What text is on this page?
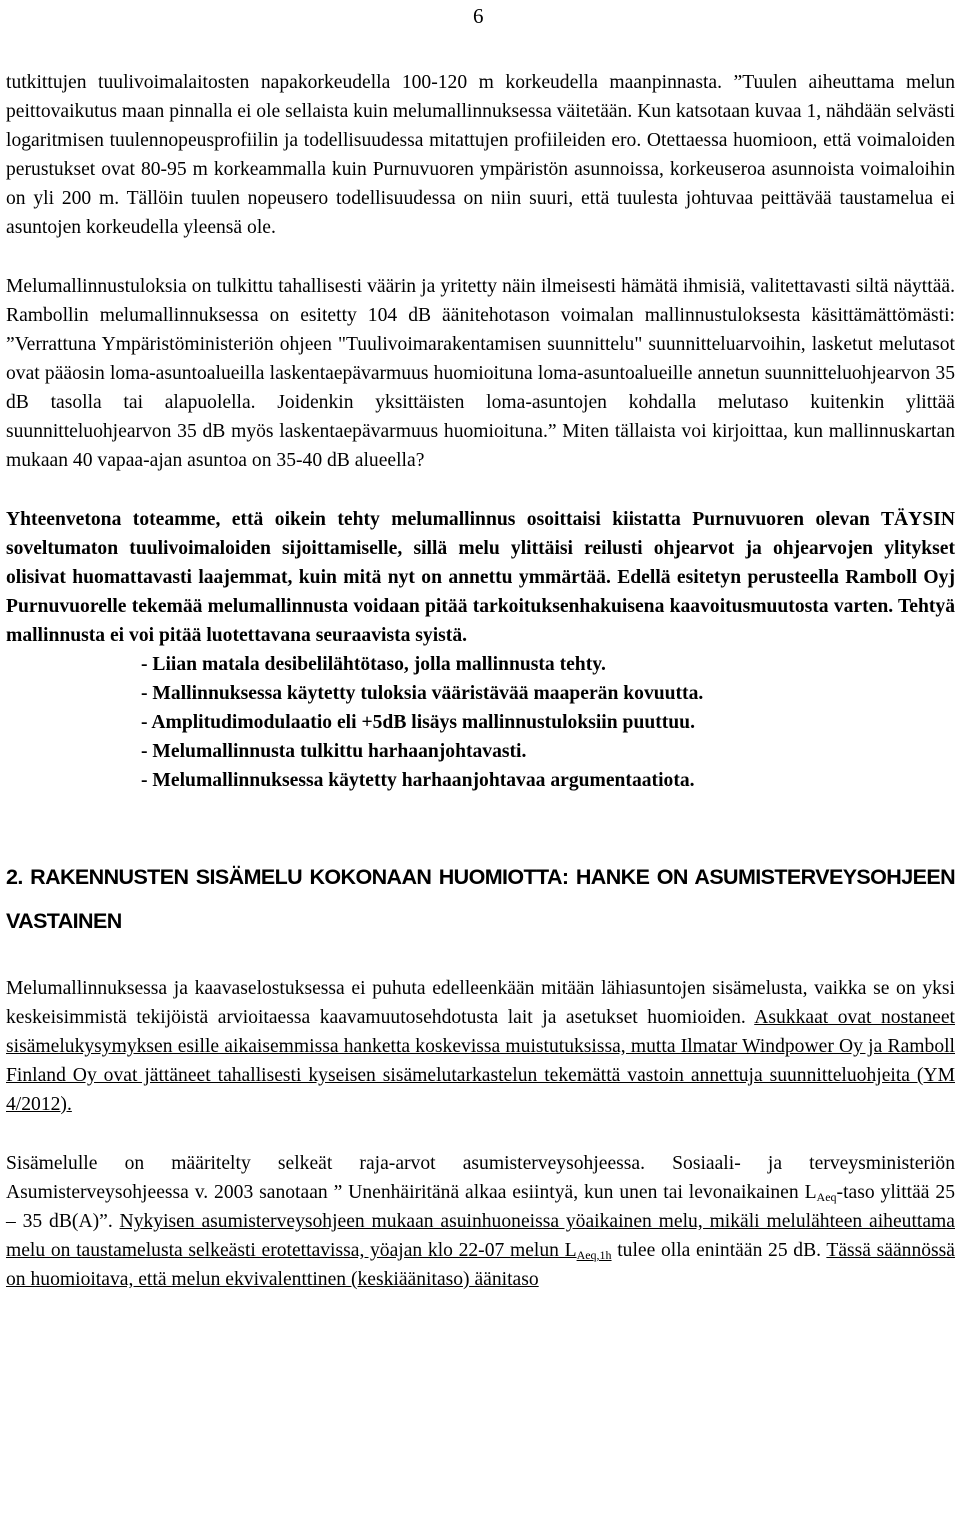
6

tutkittujen tuulivoimalaitosten napakorkeudella 100-120 m korkeudella maanpinnasta. ”Tuulen aiheuttama melun peittovaikutus maan pinnalla ei ole sellaista kuin melumallinnuksessa väitetään. Kun katsotaan kuvaa 1, nähdään selvästi logaritmisen tuulennopeusprofiilin ja todellisuudessa mitattujen profiileiden ero. Otettaessa huomioon, että voimaloiden perustukset ovat 80-95 m korkeammalla kuin Purnuvuoren ympäristön asunnoissa, korkeuseroa asunnoista voimaloihin on yli 200 m. Tällöin tuulen nopeusero todellisuudessa on niin suuri, että tuulesta johtuvaa peittävää taustamelua ei asuntojen korkeudella yleensä ole.

Melumallinnustuloksia on tulkittu tahallisesti väärin ja yritetty näin ilmeisesti hämätä ihmisiä, valitettavasti siltä näyttää. Rambollin melumallinnuksessa on esitetty 104 dB äänitehotason voimalan mallinnustuloksesta käsittämättömästi: ”Verrattuna Ympäristöministeriön ohjeen "Tuulivoimarakentamisen suunnittelu" suunnitteluarvoihin, lasketut melutasot ovat pääosin loma-asuntoalueilla laskentaepävarmuus huomioituna loma-asuntoalueille annetun suunnitteluohjearvon 35 dB tasolla tai alapuolella. Joidenkin yksittäisten loma-asuntojen kohdalla melutaso kuitenkin ylittää suunnitteluohjearvon 35 dB myös laskentaepävarmuus huomioituna.” Miten tällaista voi kirjoittaa, kun mallinnuskartan mukaan 40 vapaa-ajan asuntoa on 35-40 dB alueella?

Yhteenvetona toteamme, että oikein tehty melumallinnus osoittaisi kiistatta Purnuvuoren olevan TÄYSIN soveltumaton tuulivoimaloiden sijoittamiselle, sillä melu ylittäisi reilusti ohjearvot ja ohjearvojen ylitykset olisivat huomattavasti laajemmat, kuin mitä nyt on annettu ymmärtää. Edellä esitetyn perusteella Ramboll Oyj Purnuvuorelle tekemää melumallinnusta voidaan pitää tarkoituksenhakuisena kaavoitusmuutosta varten. Tehtyä mallinnusta ei voi pitää luotettavana seuraavista syistä.

- Liian matala desibelilähtötaso, jolla mallinnusta tehty.
- Mallinnuksessa käytetty tuloksia vääristävää maaperän kovuutta.
- Amplitudimodulaatio eli +5dB lisäys mallinnustuloksiin puuttuu.
- Melumallinnusta tulkittu harhaanjohtavasti.
- Melumallinnuksessa käytetty harhaanjohtavaa argumentaatiota.

2. RAKENNUSTEN SISÄMELU KOKONAAN HUOMIOTTA: HANKE ON ASUMISTERVEYSOHJEEN VASTAINEN

Melumallinnuksessa ja kaavaselostuksessa ei puhuta edelleenkään mitään lähiasuntojen sisämelusta, vaikka se on yksi keskeisimmistä tekijöistä arvioitaessa kaavamuutosehdotusta lait ja asetukset huomioiden. Asukkaat ovat nostaneet sisämelukysymyksen esille aikaisemmissa hanketta koskevissa muistutuksissa, mutta Ilmatar Windpower Oy ja Ramboll Finland Oy ovat jättäneet tahallisesti kyseisen sisämelutarkastelun tekemättä vastoin annettuja suunnitteluohjeita (YM 4/2012).

Sisämelulle on määritelty selkeät raja-arvot asumisterveysohjeessa. Sosiaali- ja terveysministeriön Asumisterveysohjeessa v. 2003 sanotaan ” Unenhäiritänä alkaa esiintyä, kun unen tai levonaikainen $L_{Aeq}$-taso ylittää 25 – 35 dB(A)”. Nykyisen asumisterveysohjeen mukaan asuinhuoneissa yöaikainen melu, mikäli melulähteen aiheuttama melu on taustamelusta selkeästi erotettavissa, yöajan klo 22-07 melun $L_{Aeq,1h}$ tulee olla enintään 25 dB. Tässä säännössä on huomioitava, että melun ekvivalenttinen (keskiäänitaso) äänitaso
